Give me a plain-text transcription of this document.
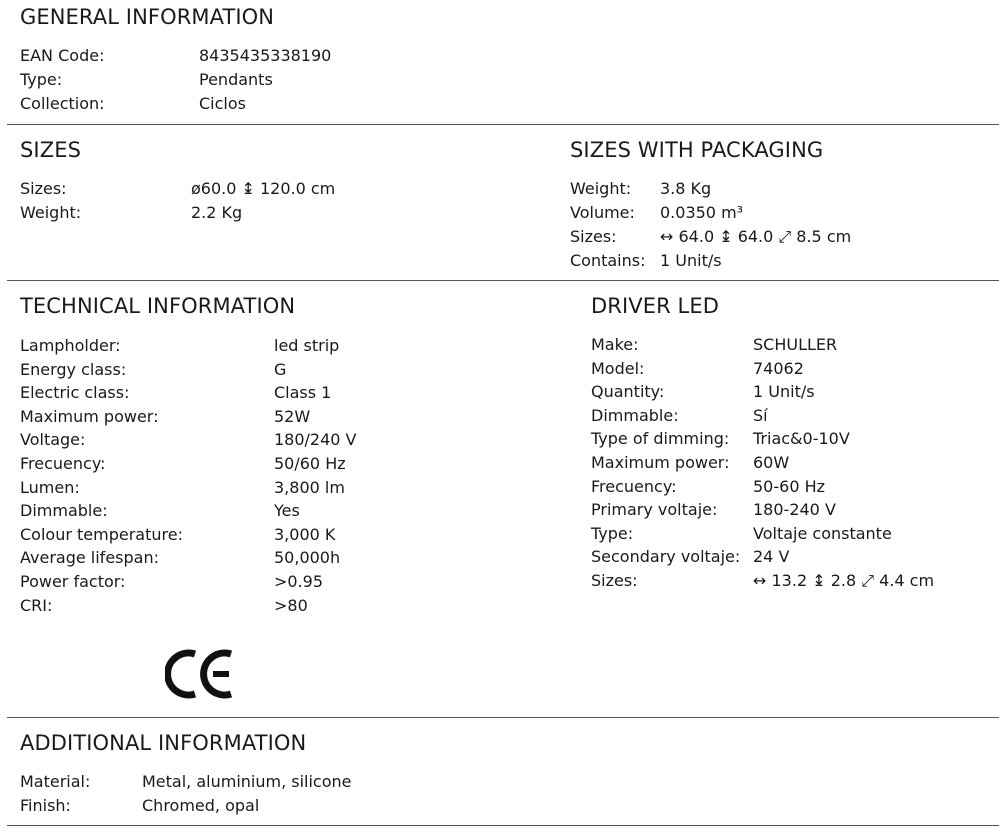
GENERAL INFORMATION
EAN Code:	8435435338190
Type:	Pendants
Collection:	Ciclos
SIZES
Sizes:	ø60.0 ↨ 120.0 cm
Weight:	2.2 Kg
SIZES WITH PACKAGING
Weight: 3.8 Kg
Volume: 0.0350 m³
Sizes:	↔ 64.0 ↨ 64.0 ⤢ 8.5 cm
Contains: 1 Unit/s
TECHNICAL INFORMATION
Lampholder:	led strip
Energy class:	G
Electric class:	Class 1
Maximum power:	52W
Voltage:	180/240 V
Frecuency:	50/60 Hz
Lumen:	3,800 lm
Dimmable:	Yes
Colour temperature:	3,000 K
Average lifespan:	50,000h
Power factor:	>0.95
CRI:	>80
DRIVER LED
Make:	SCHULLER
Model:	74062
Quantity:	1 Unit/s
Dimmable:	Sí
Type of dimming: Triac&0-10V
Maximum power: 60W
Frecuency:	50-60 Hz
Primary voltaje: 180-240 V
Type:	Voltaje constante
Secondary voltaje: 24 V
Sizes:	↔ 13.2 ↨ 2.8 ⤢ 4.4 cm
ADDITIONAL INFORMATION
Material:	Metal, aluminium, silicone
Finish:	Chromed, opal
